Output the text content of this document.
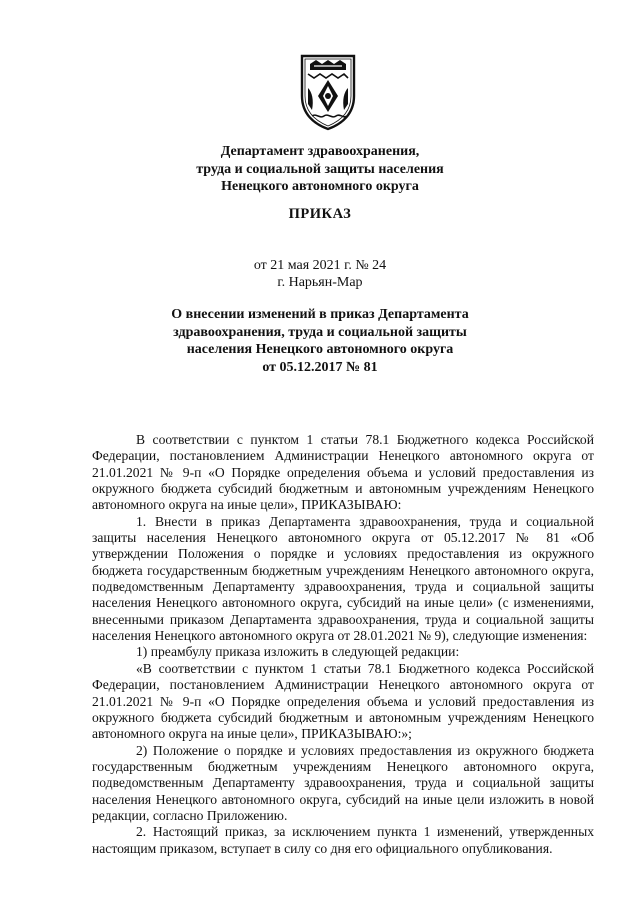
Департамент здравоохранения,
труда и социальной защиты населения
Ненецкого автономного округа
ПРИКАЗ
от 21 мая 2021 г. № 24
г. Нарьян-Мар
О внесении изменений в приказ Департамента
здравоохранения, труда и социальной защиты
населения Ненецкого автономного округа
от 05.12.2017 № 81

В соответствии с пунктом 1 статьи 78.1 Бюджетного кодекса Российской Федерации, постановлением Администрации Ненецкого автономного округа от 21.01.2021 № 9-п «О Порядке определения объема и условий предоставления из окружного бюджета субсидий бюджетным и автономным учреждениям Ненецкого автономного округа на иные цели», ПРИКАЗЫВАЮ:

1. Внести в приказ Департамента здравоохранения, труда и социальной защиты населения Ненецкого автономного округа от 05.12.2017 № 81 «Об утверждении Положения о порядке и условиях предоставления из окружного бюджета государственным бюджетным учреждениям Ненецкого автономного округа, подведомственным Департаменту здравоохранения, труда и социальной защиты населения Ненецкого автономного округа, субсидий на иные цели» (с изменениями, внесенными приказом Департамента здравоохранения, труда и социальной защиты населения Ненецкого автономного округа от 28.01.2021 № 9), следующие изменения:

1) преамбулу приказа изложить в следующей редакции:

«В соответствии с пунктом 1 статьи 78.1 Бюджетного кодекса Российской Федерации, постановлением Администрации Ненецкого автономного округа от 21.01.2021 № 9-п «О Порядке определения объема и условий предоставления из окружного бюджета субсидий бюджетным и автономным учреждениям Ненецкого автономного округа на иные цели», ПРИКАЗЫВАЮ:»;

2) Положение о порядке и условиях предоставления из окружного бюджета государственным бюджетным учреждениям Ненецкого автономного округа, подведомственным Департаменту здравоохранения, труда и социальной защиты населения Ненецкого автономного округа, субсидий на иные цели изложить в новой редакции, согласно Приложению.

2. Настоящий приказ, за исключением пункта 1 изменений, утвержденных настоящим приказом, вступает в силу со дня его официального опубликования.
